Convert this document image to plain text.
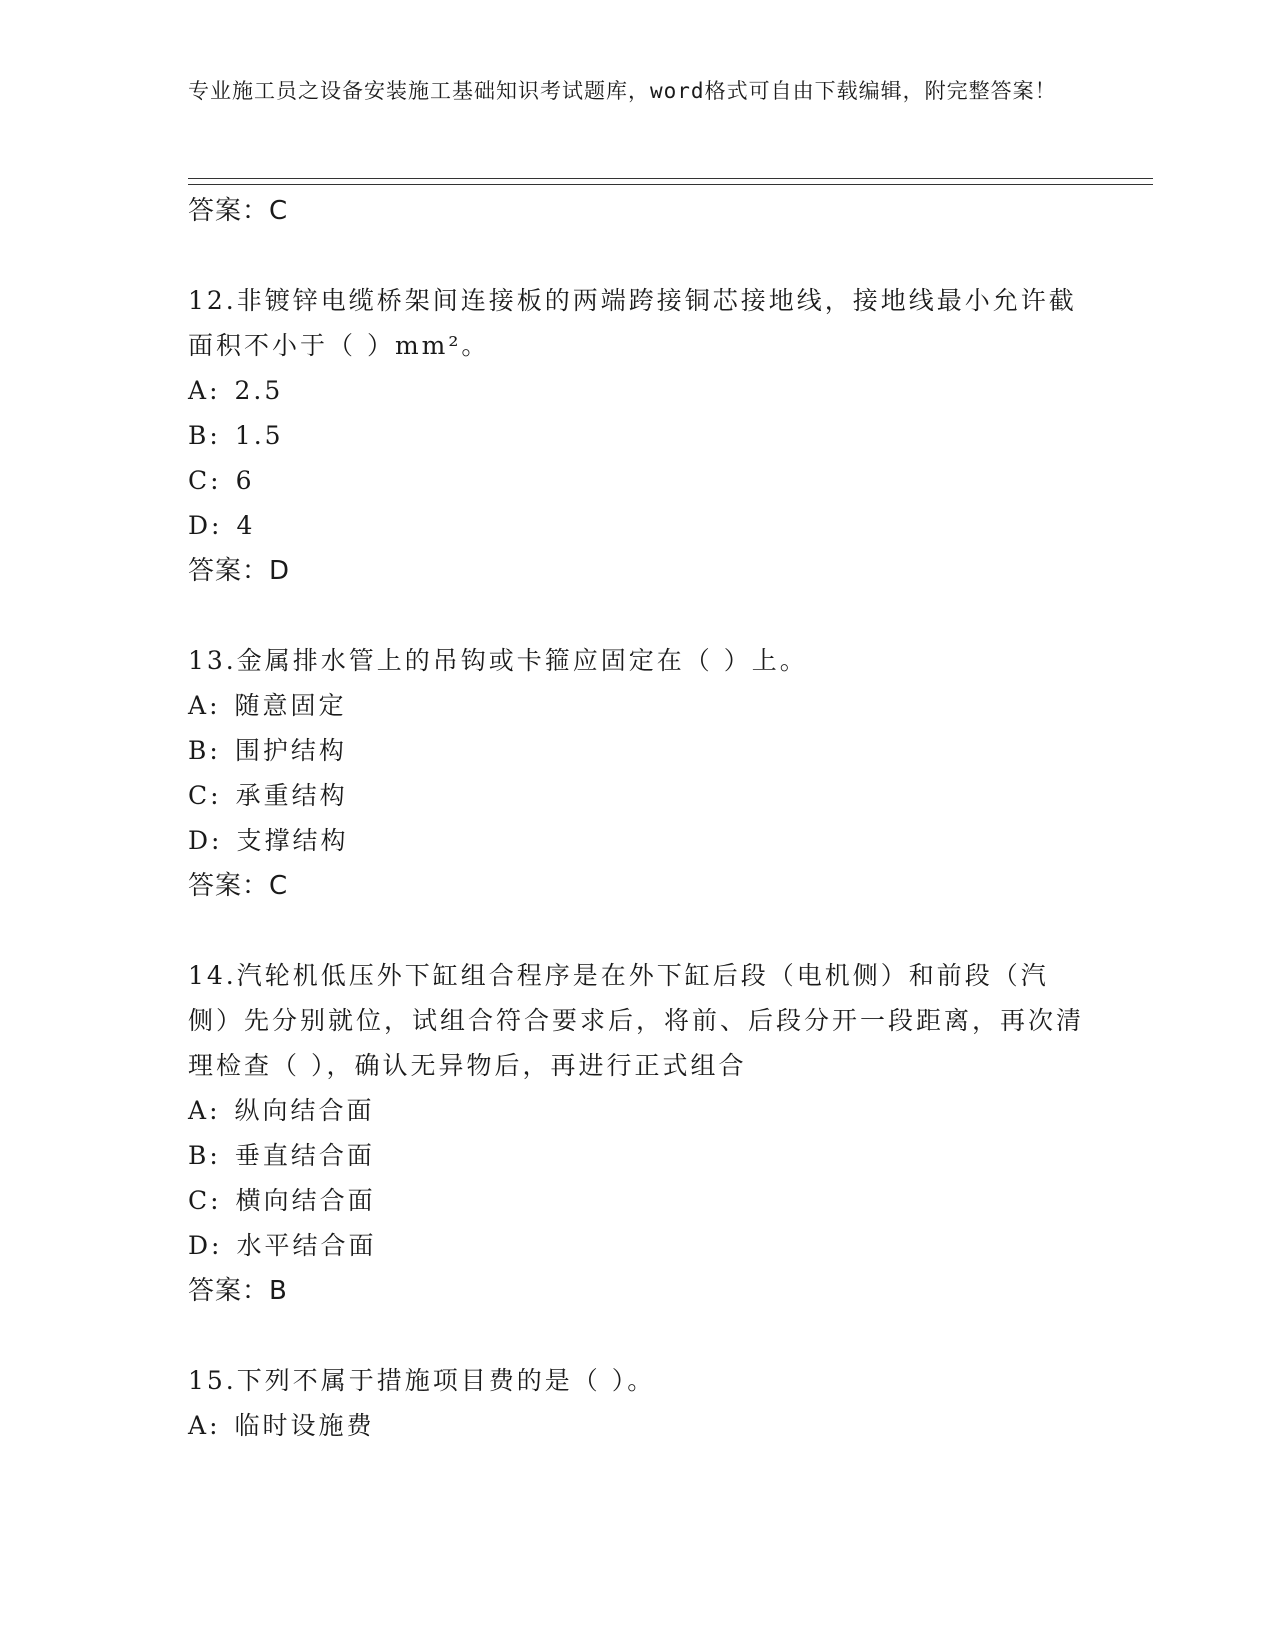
专业施工员之设备安装施工基础知识考试题库，word格式可自由下载编辑，附完整答案！
答案：C
12.非镀锌电缆桥架间连接板的两端跨接铜芯接地线，接地线最小允许截面积不小于（ ）mm²。
A: 2.5
B: 1.5
C: 6
D: 4
答案：D
13.金属排水管上的吊钩或卡箍应固定在（ ）上。
A: 随意固定
B: 围护结构
C: 承重结构
D: 支撑结构
答案：C
14.汽轮机低压外下缸组合程序是在外下缸后段（电机侧）和前段（汽侧）先分别就位，试组合符合要求后，将前、后段分开一段距离，再次清理检查（ ），确认无异物后，再进行正式组合
A: 纵向结合面
B: 垂直结合面
C: 横向结合面
D: 水平结合面
答案：B
15.下列不属于措施项目费的是（ ）。
A: 临时设施费
